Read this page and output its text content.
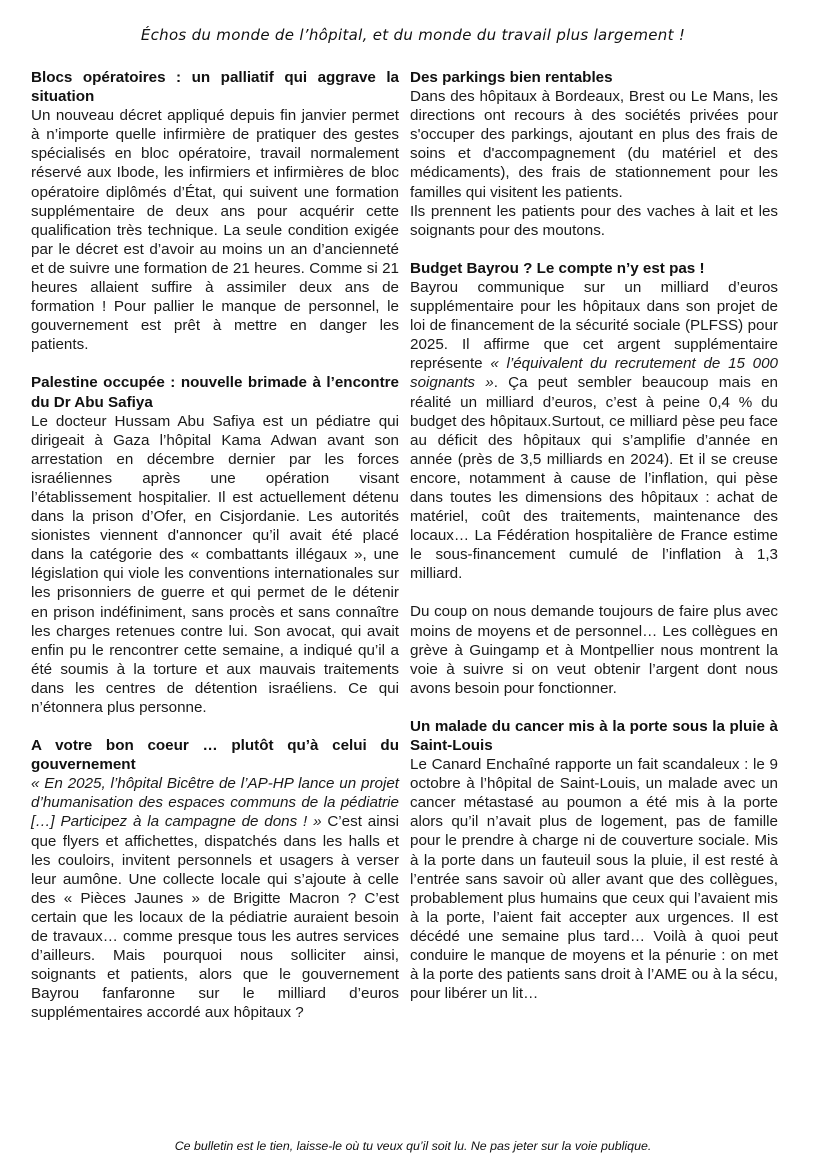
Échos du monde de l’hôpital, et du monde du travail plus largement !
Blocs opératoires : un palliatif qui aggrave la situation

Un nouveau décret appliqué depuis fin janvier permet à n’importe quelle infirmière de pratiquer des gestes spécialisés en bloc opératoire, travail normalement réservé aux Ibode, les infirmiers et infirmières de bloc opératoire diplômés d’État, qui suivent une formation supplémentaire de deux ans pour acquérir cette qualification très technique. La seule condition exigée par le décret est d’avoir au moins un an d’ancienneté et de suivre une formation de 21 heures. Comme si 21 heures allaient suffire à assimiler deux ans de formation ! Pour pallier le manque de personnel, le gouvernement est prêt à mettre en danger les patients.

Palestine occupée : nouvelle brimade à l’encontre du Dr Abu Safiya

Le docteur Hussam Abu Safiya est un pédiatre qui dirigeait à Gaza l’hôpital Kama Adwan avant son arrestation en décembre dernier par les forces israéliennes après une opération visant l’établissement hospitalier. Il est actuellement détenu dans la prison d’Ofer, en Cisjordanie. Les autorités sionistes viennent d'annoncer qu’il avait été placé dans la catégorie des « combattants illégaux », une législation qui viole les conventions internationales sur les prisonniers de guerre et qui permet de le détenir en prison indéfiniment, sans procès et sans connaître les charges retenues contre lui. Son avocat, qui avait enfin pu le rencontrer cette semaine, a indiqué qu’il a été soumis à la torture et aux mauvais traitements dans les centres de détention israéliens. Ce qui n’étonnera plus personne.

A votre bon coeur … plutôt qu’à celui du gouvernement

« En 2025, l’hôpital Bicêtre de l’AP-HP lance un projet d’humanisation des espaces communs de la pédiatrie […] Participez à la campagne de dons ! » C’est ainsi que flyers et affichettes, dispatchés dans les halls et les couloirs, invitent personnels et usagers à verser leur aumône. Une collecte locale qui s’ajoute à celle des « Pièces Jaunes » de Brigitte Macron ? C’est certain que les locaux de la pédiatrie auraient besoin de travaux… comme presque tous les autres services d’ailleurs. Mais pourquoi nous solliciter ainsi, soignants et patients, alors que le gouvernement Bayrou fanfaronne sur le milliard d’euros supplémentaires accordé aux hôpitaux ?

Des parkings bien rentables

Dans des hôpitaux à Bordeaux, Brest ou Le Mans, les directions ont recours à des sociétés privées pour s'occuper des parkings, ajoutant en plus des frais de soins et d'accompagnement (du matériel et des médicaments), des frais de stationnement pour les familles qui visitent les patients.

Ils prennent les patients pour des vaches à lait et les soignants pour des moutons.

Budget Bayrou ? Le compte n’y est pas !

Bayrou communique sur un milliard d’euros supplémentaire pour les hôpitaux dans son projet de loi de financement de la sécurité sociale (PLFSS) pour 2025. Il affirme que cet argent supplémentaire représente « l’équivalent du recrutement de 15 000 soignants ». Ça peut sembler beaucoup mais en réalité un milliard d’euros, c’est à peine 0,4 % du budget des hôpitaux.Surtout, ce milliard pèse peu face au déficit des hôpitaux qui s’amplifie d’année en année (près de 3,5 milliards en 2024). Et il se creuse encore, notamment à cause de l’inflation, qui pèse dans toutes les dimensions des hôpitaux : achat de matériel, coût des traitements, maintenance des locaux… La Fédération hospitalière de France estime le sous-financement cumulé de l’inflation à 1,3 milliard.

Du coup on nous demande toujours de faire plus avec moins de moyens et de personnel… Les collègues en grève à Guingamp et à Montpellier nous montrent la voie à suivre si on veut obtenir l’argent dont nous avons besoin pour fonctionner.

Un malade du cancer mis à la porte sous la pluie à Saint-Louis

Le Canard Enchaîné rapporte un fait scandaleux : le 9 octobre à l’hôpital de Saint-Louis, un malade avec un cancer métastasé au poumon a été mis à la porte alors qu’il n’avait plus de logement, pas de famille pour le prendre à charge ni de couverture sociale. Mis à la porte dans un fauteuil sous la pluie, il est resté à l’entrée sans savoir où aller avant que des collègues, probablement plus humains que ceux qui l’avaient mis à la porte, l’aient fait accepter aux urgences. Il est décédé une semaine plus tard… Voilà à quoi peut conduire le manque de moyens et la pénurie : on met à la porte des patients sans droit à l’AME ou à la sécu, pour libérer un lit…

Ce bulletin est le tien, laisse-le où tu veux qu’il soit lu. Ne pas jeter sur la voie publique.
